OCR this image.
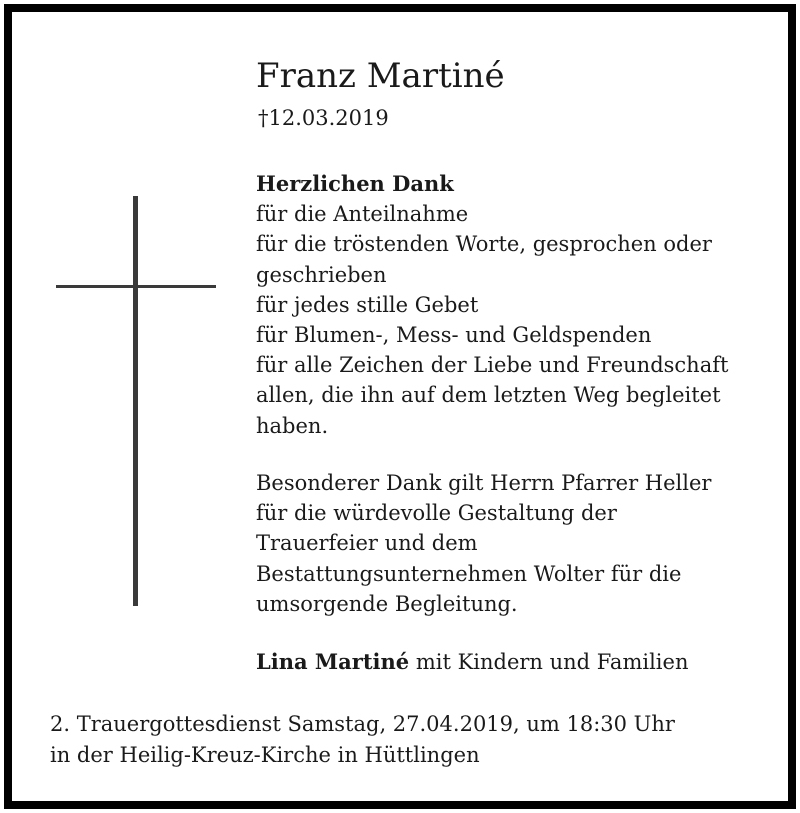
Franz Martiné
†12.03.2019
Herzlichen Dank
für die Anteilnahme
für die tröstenden Worte, gesprochen oder
geschrieben
für jedes stille Gebet
für Blumen-, Mess- und Geldspenden
für alle Zeichen der Liebe und Freundschaft
allen, die ihn auf dem letzten Weg begleitet
haben.
Besonderer Dank gilt Herrn Pfarrer Heller
für die würdevolle Gestaltung der
Trauerfeier und dem
Bestattungsunternehmen Wolter für die
umsorgende Begleitung.
Lina Martiné mit Kindern und Familien
2. Trauergottesdienst Samstag, 27.04.2019, um 18:30 Uhr
in der Heilig-Kreuz-Kirche in Hüttlingen
